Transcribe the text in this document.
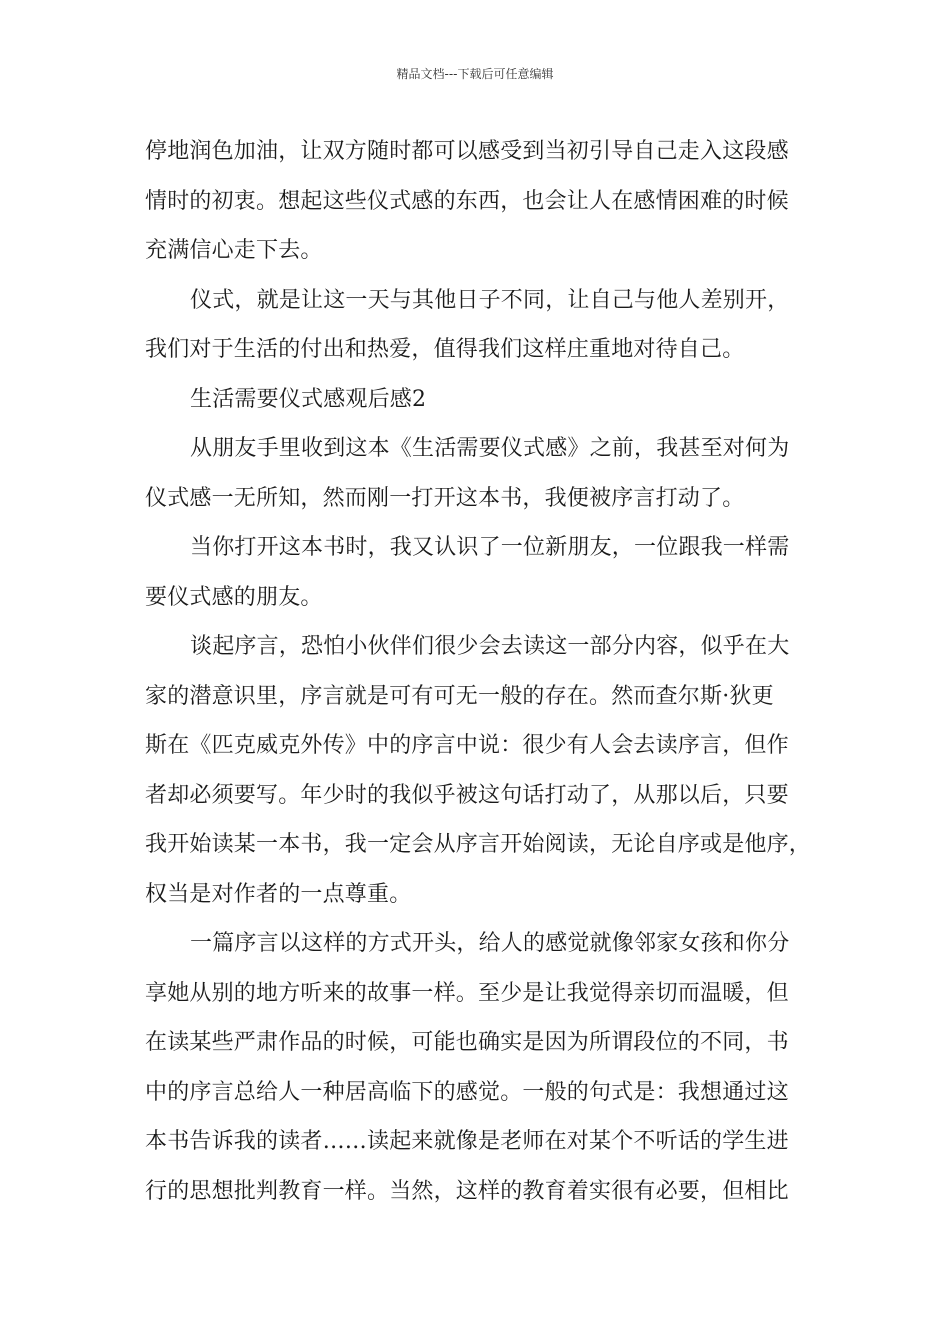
精品文档---下载后可任意编辑
停地润色加油，让双方随时都可以感受到当初引导自己走入这段感
情时的初衷。想起这些仪式感的东西，也会让人在感情困难的时候
充满信心走下去。
仪式，就是让这一天与其他日子不同，让自己与他人差别开，
我们对于生活的付出和热爱，值得我们这样庄重地对待自己。
生活需要仪式感观后感2
从朋友手里收到这本《生活需要仪式感》之前，我甚至对何为
仪式感一无所知，然而刚一打开这本书，我便被序言打动了。
当你打开这本书时，我又认识了一位新朋友，一位跟我一样需
要仪式感的朋友。
谈起序言，恐怕小伙伴们很少会去读这一部分内容，似乎在大
家的潜意识里，序言就是可有可无一般的存在。然而查尔斯·狄更
斯在《匹克威克外传》中的序言中说：很少有人会去读序言，但作
者却必须要写。年少时的我似乎被这句话打动了，从那以后，只要
我开始读某一本书，我一定会从序言开始阅读，无论自序或是他序，
权当是对作者的一点尊重。
一篇序言以这样的方式开头，给人的感觉就像邻家女孩和你分
享她从别的地方听来的故事一样。至少是让我觉得亲切而温暖，但
在读某些严肃作品的时候，可能也确实是因为所谓段位的不同，书
中的序言总给人一种居高临下的感觉。一般的句式是：我想通过这
本书告诉我的读者……读起来就像是老师在对某个不听话的学生进
行的思想批判教育一样。当然，这样的教育着实很有必要，但相比
